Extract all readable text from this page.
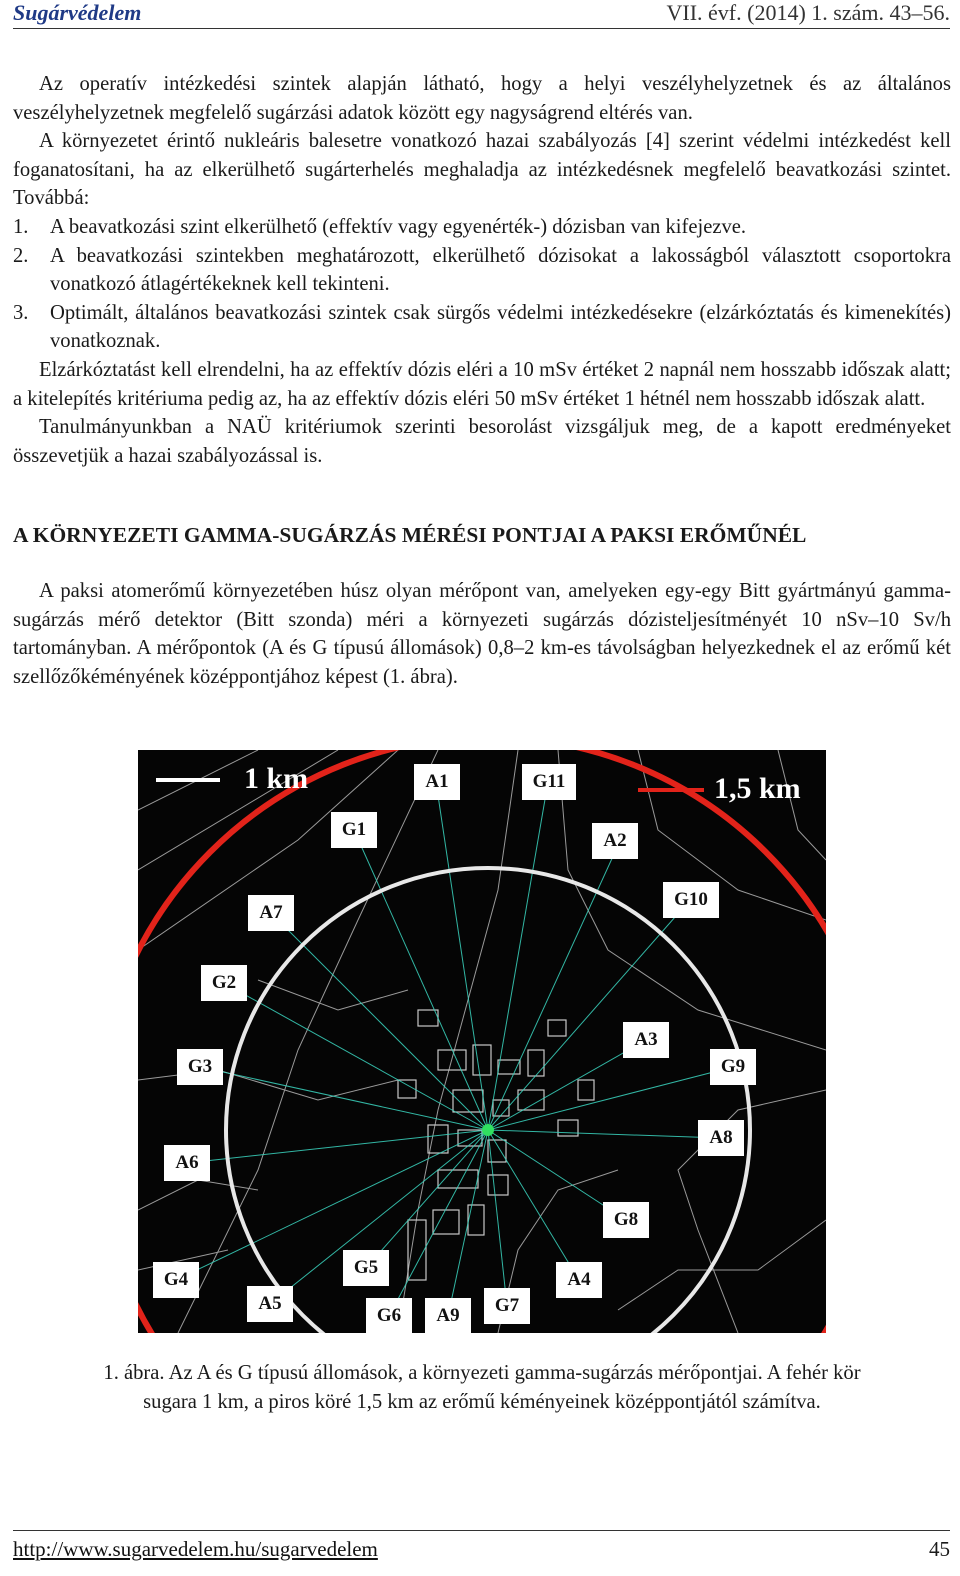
Sugárvédelem	VII. évf. (2014) 1. szám. 43–56.

Az operatív intézkedési szintek alapján látható, hogy a helyi veszélyhelyzetnek és az általános veszélyhelyzetnek megfelelő sugárzási adatok között egy nagyságrend eltérés van.

A környezetet érintő nukleáris balesetre vonatkozó hazai szabályozás [4] szerint védelmi intézkedést kell foganatosítani, ha az elkerülhető sugárterhelés meghaladja az intézkedésnek megfelelő beavatkozási szintet. Továbbá:

1. A beavatkozási szint elkerülhető (effektív vagy egyenérték-) dózisban van kifejezve.
2. A beavatkozási szintekben meghatározott, elkerülhető dózisokat a lakosságból választott csoportokra vonatkozó átlagértékeknek kell tekinteni.
3. Optimált, általános beavatkozási szintek csak sürgős védelmi intézkedésekre (elzárkóztatás és kimenekítés) vonatkoznak.

Elzárkóztatást kell elrendelni, ha az effektív dózis eléri a 10 mSv értéket 2 napnál nem hosszabb időszak alatt; a kitelepítés kritériuma pedig az, ha az effektív dózis eléri 50 mSv értéket 1 hétnél nem hosszabb időszak alatt.

Tanulmányunkban a NAÜ kritériumok szerinti besorolást vizsgáljuk meg, de a kapott eredményeket összevetjük a hazai szabályozással is.

A KÖRNYEZETI GAMMA-SUGÁRZÁS MÉRÉSI PONTJAI A PAKSI ERŐMŰNÉL

A paksi atomerőmű környezetében húsz olyan mérőpont van, amelyeken egy-egy Bitt gyártmányú gamma-sugárzás mérő detektor (Bitt szonda) méri a környezeti sugárzás dózisteljesítményét 10 nSv–10 Sv/h tartományban. A mérőpontok (A és G típusú állomások) 0,8–2 km-es távolságban helyezkednek el az erőmű két szellőzőkéményének középpontjához képest (1. ábra).

1 km	1,5 km
A1	G11
G1
A2
A7
G10
G2
A3
G3	G9
A8
A6
G8
G4
G5
A4
A5
G6	A9	G7

1. ábra. Az A és G típusú állomások, a környezeti gamma-sugárzás mérőpontjai. A fehér kör
sugara 1 km, a piros köré 1,5 km az erőmű kéményeinek középpontjától számítva.

http://www.sugarvedelem.hu/sugarvedelem	45
